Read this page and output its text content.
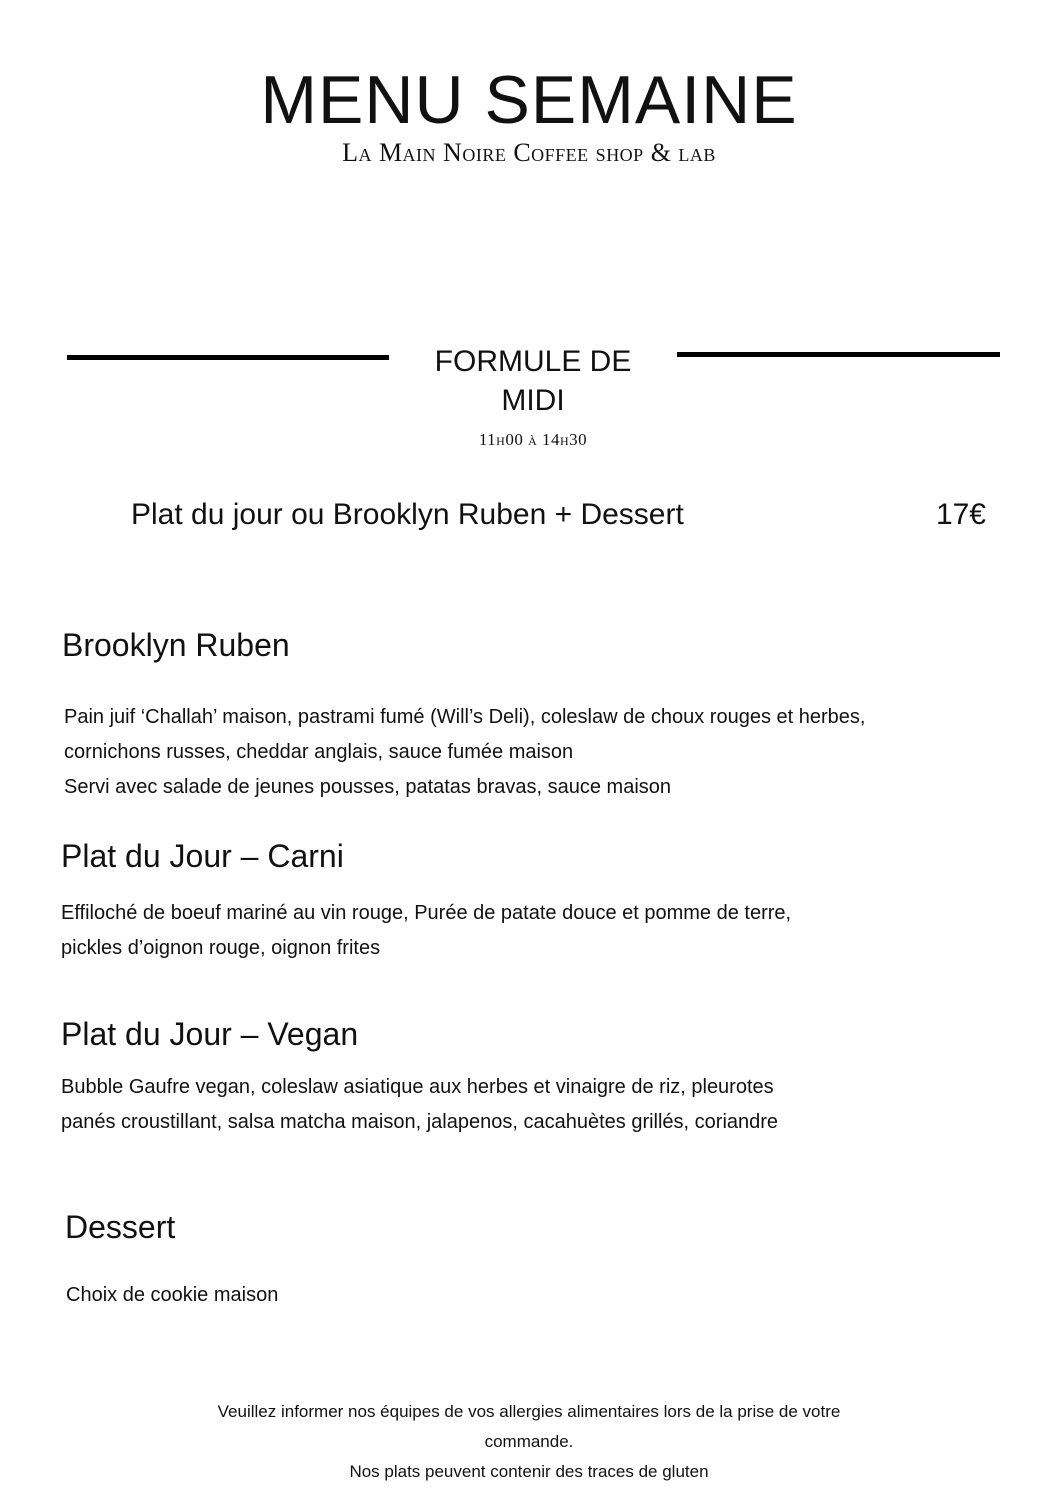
MENU SEMAINE
La Main Noire Coffee shop & lab
FORMULE DE
MIDI
11h00 à 14h30
Plat du jour ou Brooklyn Ruben + Dessert	17€
Brooklyn Ruben
Pain juif ‘Challah’ maison, pastrami fumé (Will’s Deli), coleslaw de choux rouges et herbes,
cornichons russes, cheddar anglais, sauce fumée maison
Servi avec salade de jeunes pousses, patatas bravas, sauce maison
Plat du Jour – Carni
Effiloché de boeuf mariné au vin rouge, Purée de patate douce et pomme de terre,
pickles d’oignon rouge, oignon frites
Plat du Jour – Vegan
Bubble Gaufre vegan, coleslaw asiatique aux herbes et vinaigre de riz, pleurotes
panés croustillant, salsa matcha maison, jalapenos, cacahuètes grillés, coriandre
Dessert
Choix de cookie maison
Veuillez informer nos équipes de vos allergies alimentaires lors de la prise de votre
commande.
Nos plats peuvent contenir des traces de gluten
